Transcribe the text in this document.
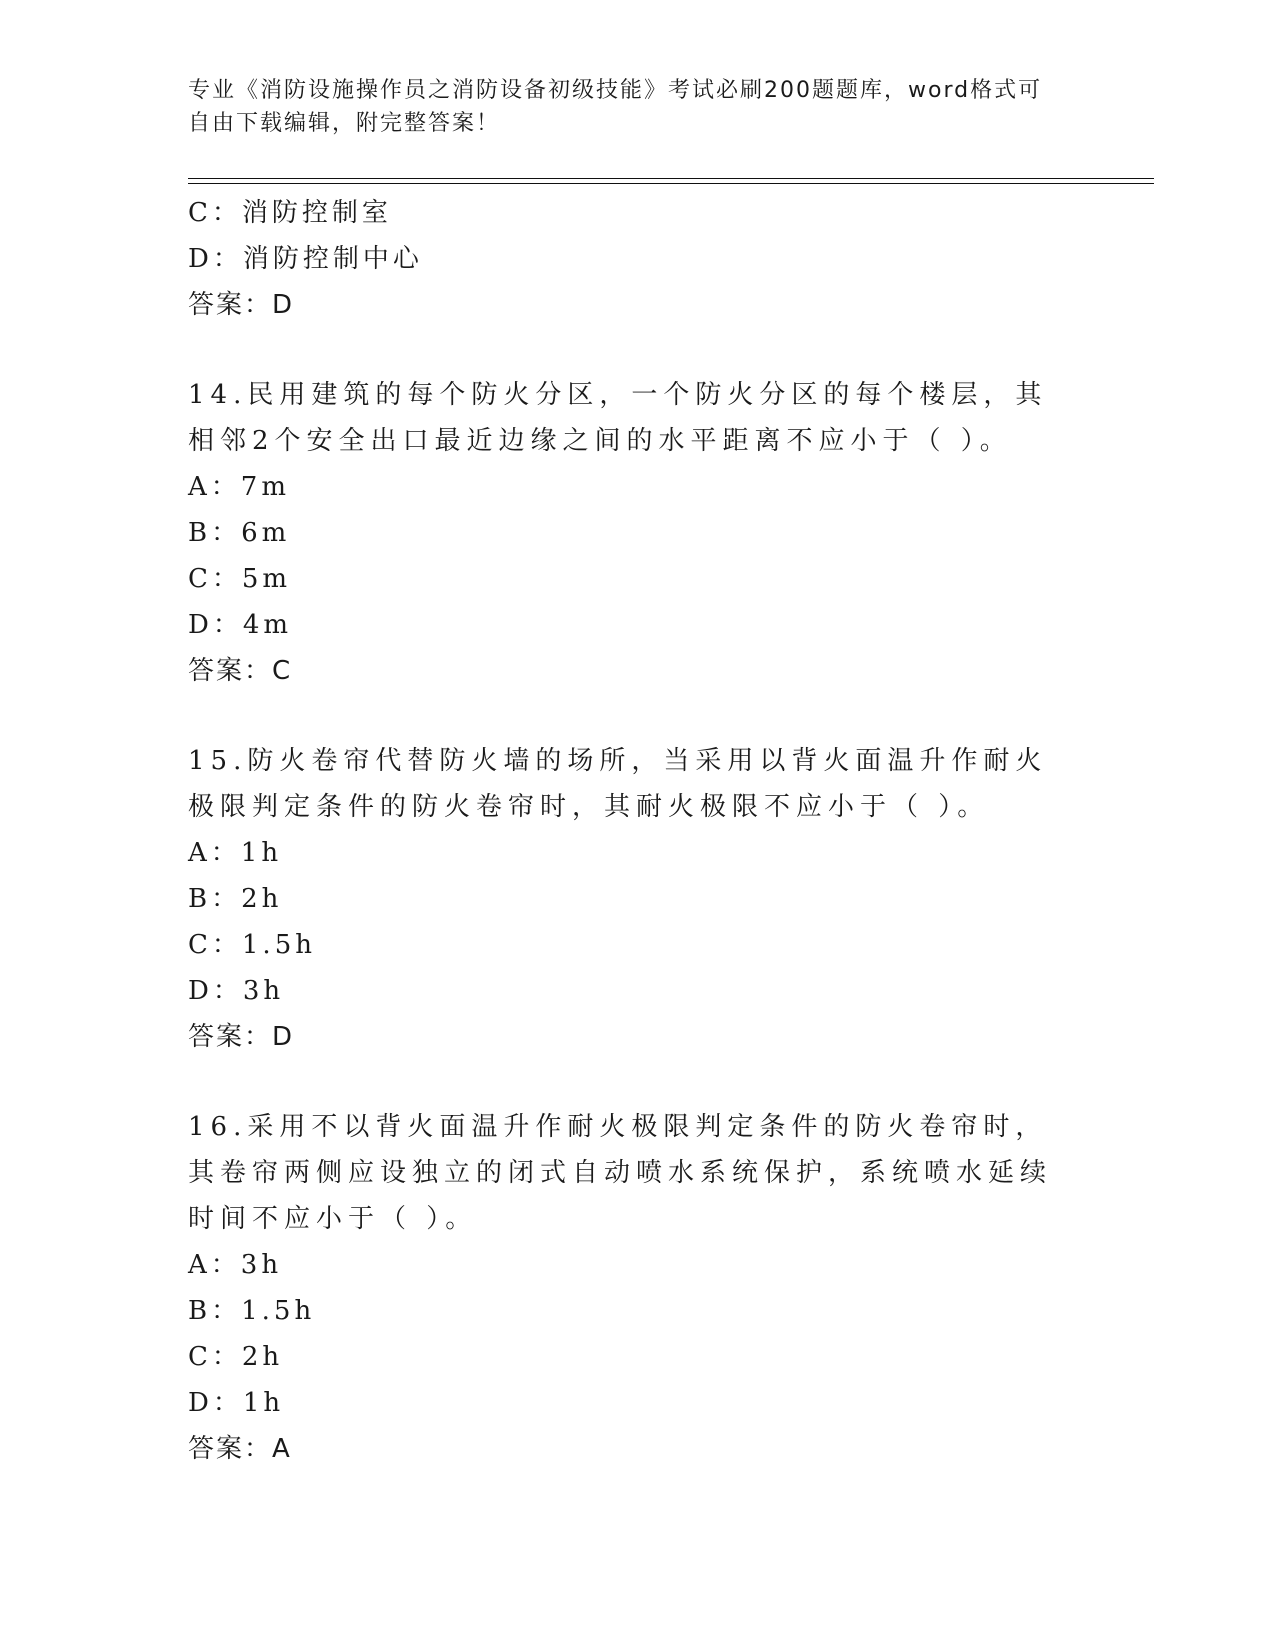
专业《消防设施操作员之消防设备初级技能》考试必刷200题题库，word格式可
自由下载编辑，附完整答案！
C：消防控制室
D：消防控制中心
答案：D
14.民用建筑的每个防火分区，一个防火分区的每个楼层，其相邻2个安全出口最近边缘之间的水平距离不应小于（ ）。
A：7m
B：6m
C：5m
D：4m
答案：C
15.防火卷帘代替防火墙的场所，当采用以背火面温升作耐火极限判定条件的防火卷帘时，其耐火极限不应小于（ ）。
A：1h
B：2h
C：1.5h
D：3h
答案：D
16.采用不以背火面温升作耐火极限判定条件的防火卷帘时，其卷帘两侧应设独立的闭式自动喷水系统保护，系统喷水延续时间不应小于（ ）。
A：3h
B：1.5h
C：2h
D：1h
答案：A
